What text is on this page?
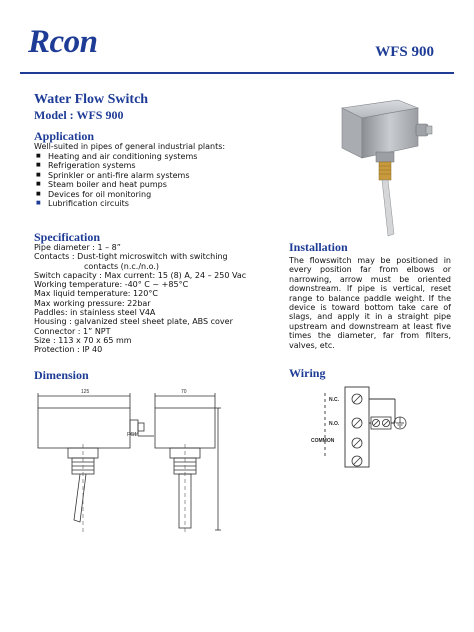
Rcon	WFS 900
Water Flow Switch
Model : WFS 900
Application
Well-suited in pipes of general industrial plants:
■ Heating and air conditioning systems
■ Refrigeration systems
■ Sprinkler or anti-fire alarm systems
■ Steam boiler and heat pumps
■ Devices for oil monitoring
■ Lubrification circuits
Specification
Pipe diameter : 1 – 8”
Contacts : Dust-tight microswitch with switching
contacts (n.c./n.o.)
Switch capacity : Max current: 15 (8) A, 24 – 250 Vac
Working temperature: -40° C ~ +85°C
Max liquid temperature: 120°C
Max working pressure: 22bar
Paddles: in stainless steel V4A
Housing : galvanized steel sheet plate, ABS cover
Connector : 1” NPT
Size : 113 x 70 x 65 mm
Protection : IP 40
Installation
The flowswitch may be positioned in every position far from elbows or narrowing, arrow must be oriented downstream. If pipe is vertical, reset range to balance paddle weight. If the device is toward bottom take care of slags, and apply it in a straight pipe upstream and downstream at least five times the diameter, far from filters, valves, etc.
Dimension	Wiring
125	70
PG11
N.C.
N.O.
COMMON
